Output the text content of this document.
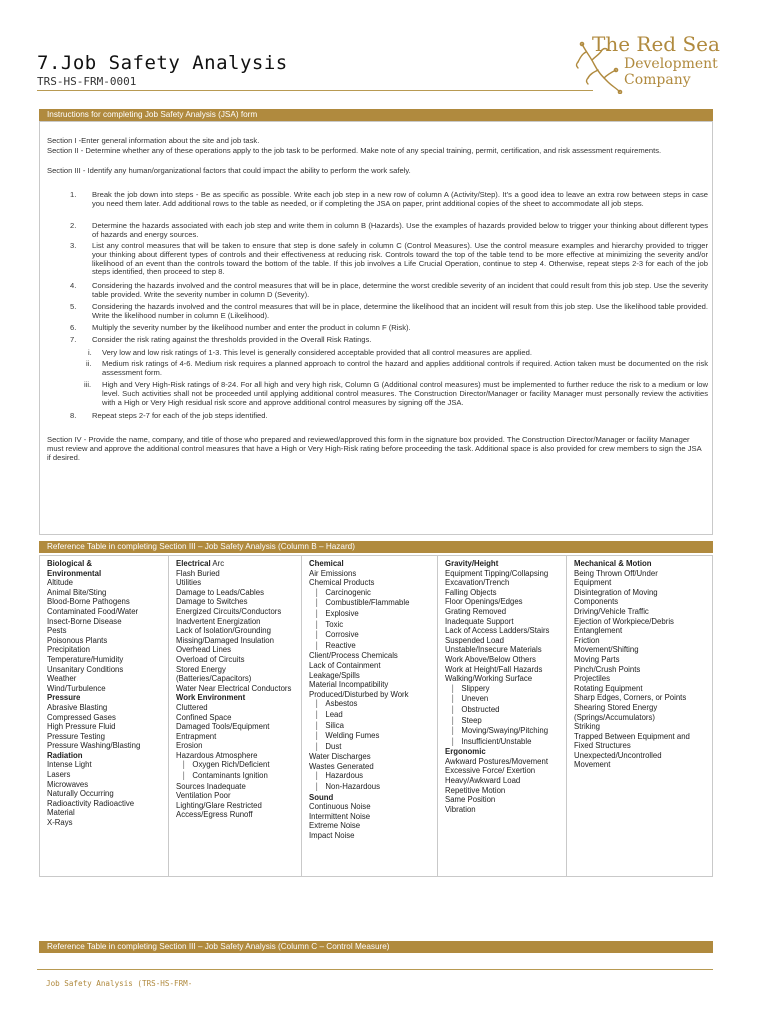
7.Job Safety Analysis
TRS-HS-FRM-0001
The Red Sea
Development
Company
Instructions for completing Job Safety Analysis (JSA) form
Section I -Enter general information about the site and job task.
Section II - Determine whether any of these operations apply to the job task to be performed. Make note of any special training, permit, certification, and risk assessment requirements.
Section III - Identify any human/organizational factors that could impact the ability to perform the work safely.
1. Break the job down into steps - Be as specific as possible. Write each job step in a new row of column A (Activity/Step). It’s a good idea to leave an extra row between steps in case you need them later. Add additional rows to the table as needed, or if completing the JSA on paper, print additional copies of the sheet to accommodate all job steps.
2. Determine the hazards associated with each job step and write them in column B (Hazards). Use the examples of hazards provided below to trigger your thinking about different types of hazards and energy sources.
3. List any control measures that will be taken to ensure that step is done safely in column C (Control Measures). Use the control measure examples and hierarchy provided to trigger your thinking about different types of controls and their effectiveness at reducing risk. Controls toward the top of the table tend to be more effective at minimizing the severity and/or likelihood of an event than the controls toward the bottom of the table. If this job involves a Life Crucial Operation, continue to step 4. Otherwise, repeat steps 2-3 for each of the job steps identified, then proceed to step 8.
4. Considering the hazards involved and the control measures that will be in place, determine the worst credible severity of an incident that could result from this job step. Use the severity table provided. Write the severity number in column D (Severity).
5. Considering the hazards involved and the control measures that will be in place, determine the likelihood that an incident will result from this job step. Use the likelihood table provided. Write the likelihood number in column E (Likelihood).
6. Multiply the severity number by the likelihood number and enter the product in column F (Risk).
7. Consider the risk rating against the thresholds provided in the Overall Risk Ratings.
i. Very low and low risk ratings of 1-3. This level is generally considered acceptable provided that all control measures are applied.
ii. Medium risk ratings of 4-6. Medium risk requires a planned approach to control the hazard and applies additional controls if required. Action taken must be documented on the risk assessment form.
iii. High and Very High-Risk ratings of 8-24. For all high and very high risk, Column G (Additional control measures) must be implemented to further reduce the risk to a medium or low level. Such activities shall not be proceeded until applying additional control measures. The Construction Director/Manager or facility Manager must personally review the activities with a High or Very High residual risk score and approve additional control measures by signing off the JSA.
8. Repeat steps 2-7 for each of the job steps identified.
Section IV - Provide the name, company, and title of those who prepared and reviewed/approved this form in the signature box provided. The Construction Director/Manager or facility Manager must review and approve the additional control measures that have a High or Very High-Risk rating before proceeding the task. Additional space is also provided for crew members to sign the JSA if desired.
Reference Table in completing Section III – Job Safety Analysis (Column B – Hazard)
Biological &
Environmental
Altitude
Animal Bite/Sting
Blood-Borne Pathogens
Contaminated Food/Water
Insect-Borne Disease
Pests
Poisonous Plants
Precipitation
Temperature/Humidity
Unsanitary Conditions
Weather
Wind/Turbulence
Pressure
Abrasive Blasting
Compressed Gases
High Pressure Fluid
Pressure Testing
Pressure Washing/Blasting
Radiation
Intense Light
Lasers
Microwaves
Naturally Occurring
Radioactivity Radioactive
Material
X-Rays
Electrical Arc
Flash Buried
Utilities
Damage to Leads/Cables
Damage to Switches
Energized Circuits/Conductors
Inadvertent Energization
Lack of Isolation/Grounding
Missing/Damaged Insulation
Overhead Lines
Overload of Circuits
Stored Energy
(Batteries/Capacitors)
Water Near Electrical Conductors
Work Environment
Cluttered
Confined Space
Damaged Tools/Equipment
Entrapment
Erosion
Hazardous Atmosphere
│ Oxygen Rich/Deficient
│ Contaminants Ignition
Sources Inadequate
Ventilation Poor
Lighting/Glare Restricted
Access/Egress Runoff
Chemical
Air Emissions
Chemical Products
│ Carcinogenic
│ Combustible/Flammable
│ Explosive
│ Toxic
│ Corrosive
│ Reactive
Client/Process Chemicals
Lack of Containment
Leakage/Spills
Material Incompatibility
Produced/Disturbed by Work
│ Asbestos
│ Lead
│ Silica
│ Welding Fumes
│ Dust
Water Discharges
Wastes Generated
│ Hazardous
│ Non-Hazardous
Sound
Continuous Noise
Intermittent Noise
Extreme Noise
Impact Noise
Gravity/Height
Equipment Tipping/Collapsing
Excavation/Trench
Falling Objects
Floor Openings/Edges
Grating Removed
Inadequate Support
Lack of Access Ladders/Stairs
Suspended Load
Unstable/Insecure Materials
Work Above/Below Others
Work at Height/Fall Hazards
Walking/Working Surface
│ Slippery
│ Uneven
│ Obstructed
│ Steep
│ Moving/Swaying/Pitching
│ Insufficient/Unstable
Ergonomic
Awkward Postures/Movement
Excessive Force/ Exertion
Heavy/Awkward Load
Repetitive Motion
Same Position
Vibration
Mechanical & Motion
Being Thrown Off/Under
Equipment
Disintegration of Moving
Components
Driving/Vehicle Traffic
Ejection of Workpiece/Debris
Entanglement
Friction
Movement/Shifting
Moving Parts
Pinch/Crush Points
Projectiles
Rotating Equipment
Sharp Edges, Corners, or Points
Shearing Stored Energy
(Springs/Accumulators)
Striking
Trapped Between Equipment and
Fixed Structures
Unexpected/Uncontrolled
Movement
Reference Table in completing Section III – Job Safety Analysis (Column C – Control Measure)
Job Safety Analysis (TRS-HS-FRM-
